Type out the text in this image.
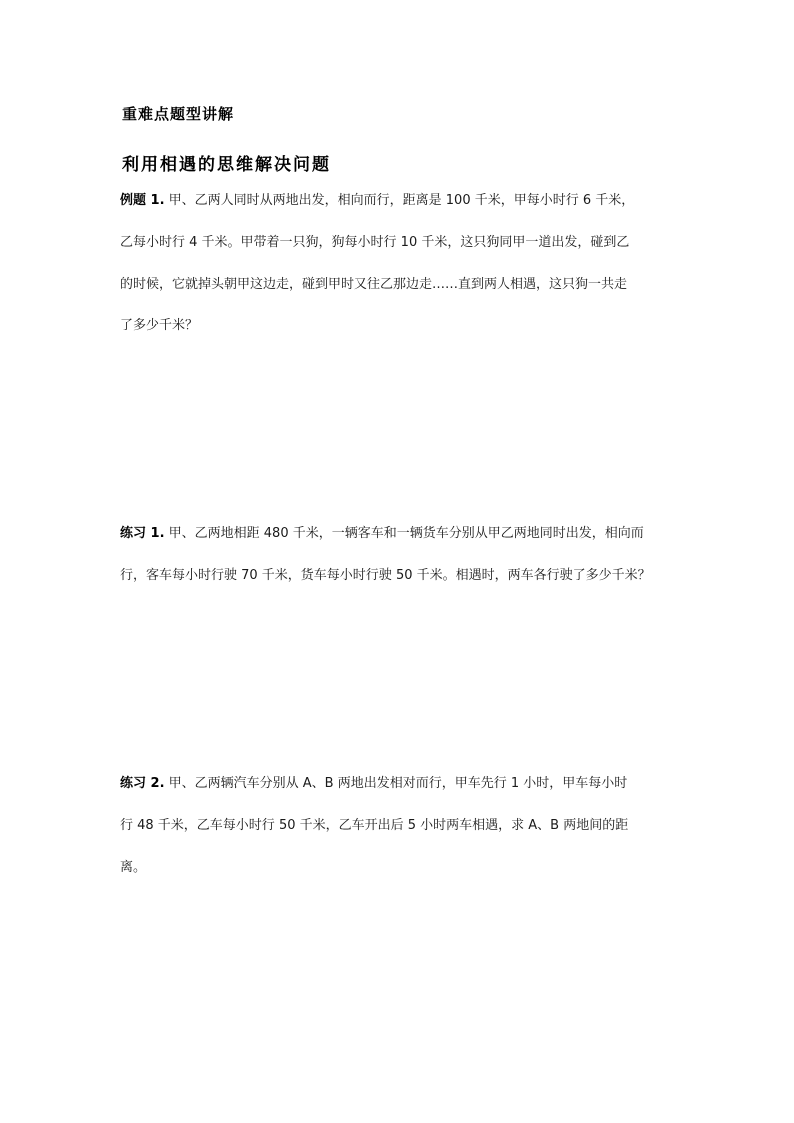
重难点题型讲解
利用相遇的思维解决问题
例题 1. 甲、乙两人同时从两地出发，相向而行，距离是 100 千米，甲每小时行 6 千米，
乙每小时行 4 千米。甲带着一只狗，狗每小时行 10 千米，这只狗同甲一道出发，碰到乙
的时候，它就掉头朝甲这边走，碰到甲时又往乙那边走……直到两人相遇，这只狗一共走
了多少千米？
练习 1. 甲、乙两地相距 480 千米，一辆客车和一辆货车分别从甲乙两地同时出发，相向而
行，客车每小时行驶 70 千米，货车每小时行驶 50 千米。相遇时，两车各行驶了多少千米？
练习 2. 甲、乙两辆汽车分别从 A、B 两地出发相对而行，甲车先行 1 小时，甲车每小时
行 48 千米，乙车每小时行 50 千米，乙车开出后 5 小时两车相遇，求 A、B 两地间的距
离。
